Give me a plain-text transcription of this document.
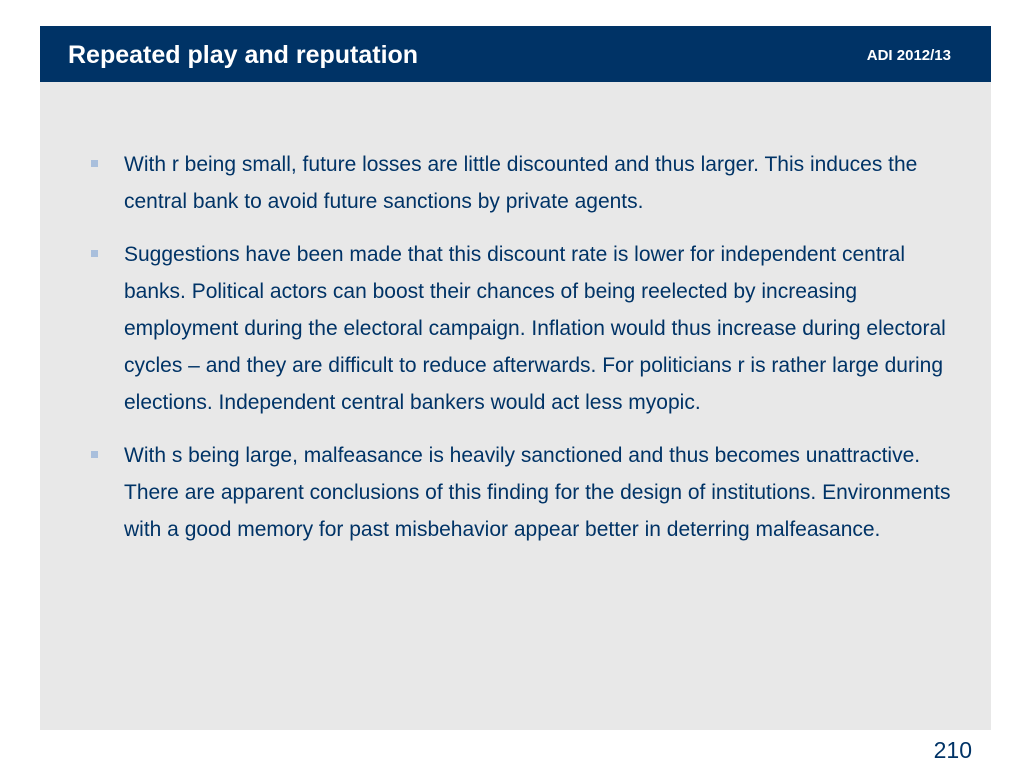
Repeated play and reputation	ADI 2012/13
With r being small, future losses are little discounted and thus larger. This induces the central bank to avoid future sanctions by private agents.
Suggestions have been made that this discount rate is lower for independent central banks. Political actors can boost their chances of being reelected by increasing employment during the electoral campaign. Inflation would thus increase during electoral cycles – and they are difficult to reduce afterwards. For politicians r is rather large during elections. Independent central bankers would act less myopic.
With s being large, malfeasance is heavily sanctioned and thus becomes unattractive. There are apparent conclusions of this finding for the design of institutions. Environments with a good memory for past misbehavior appear better in deterring malfeasance.
210
